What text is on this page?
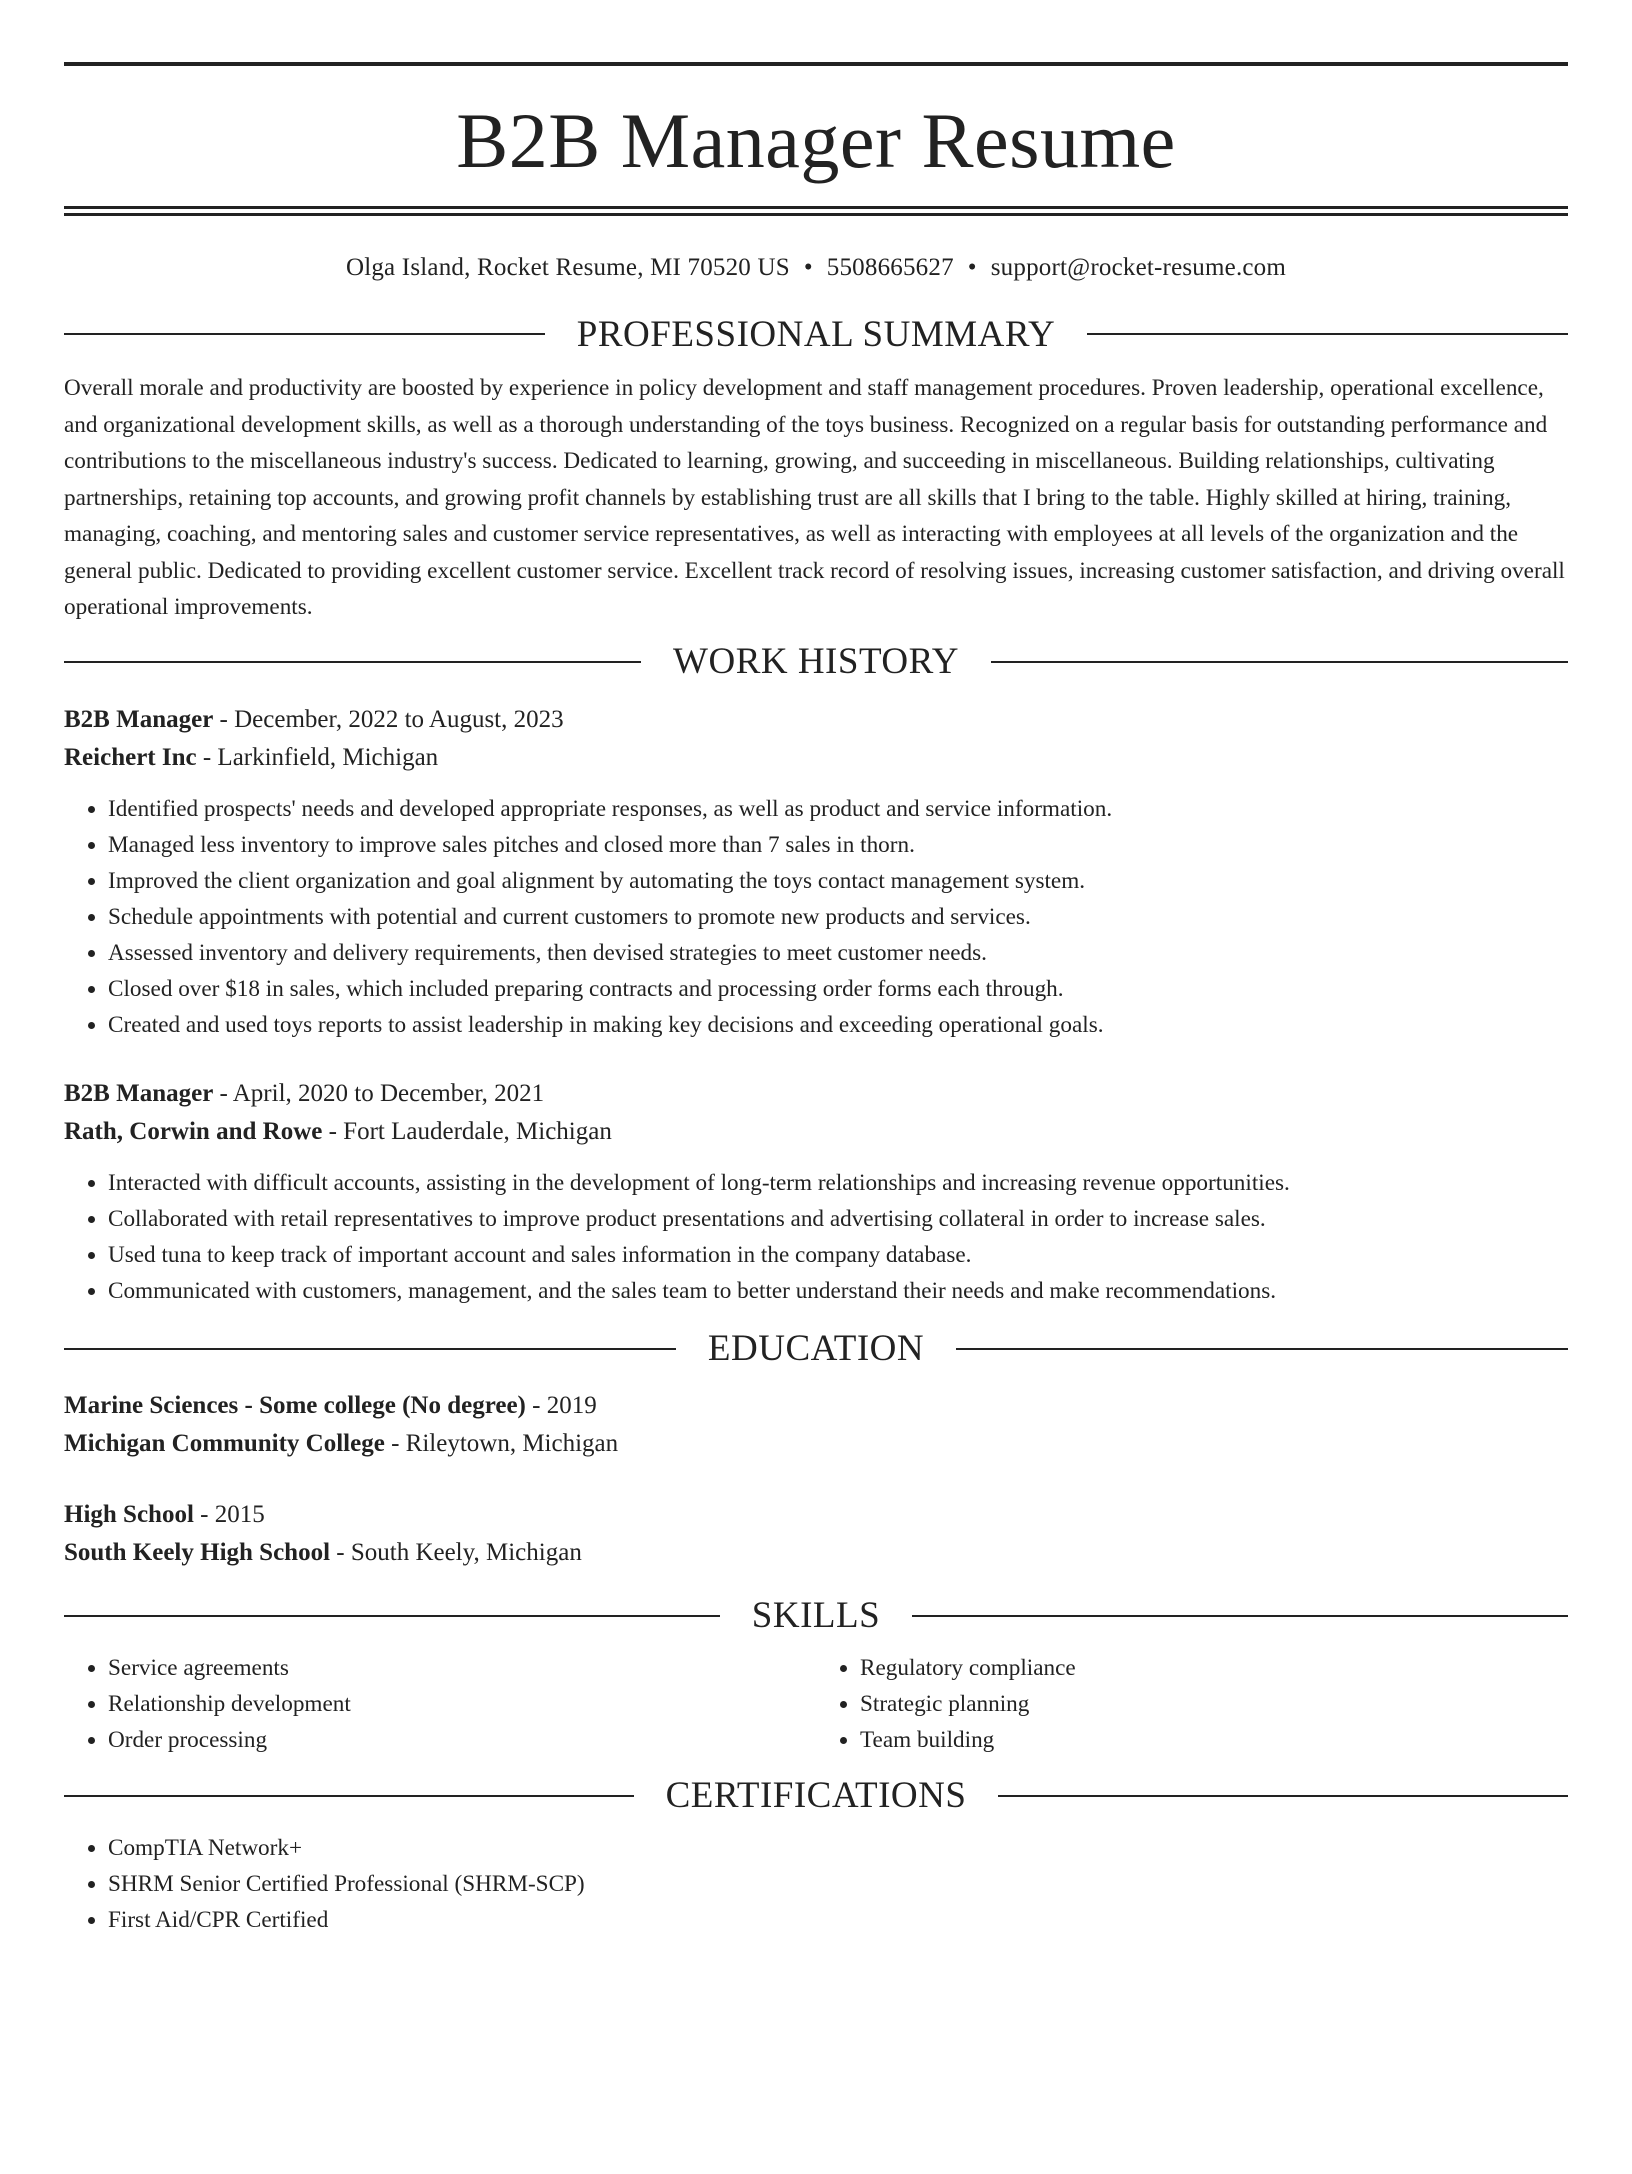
B2B Manager Resume
Olga Island, Rocket Resume, MI 70520 US • 5508665627 • support@rocket-resume.com
PROFESSIONAL SUMMARY

Overall morale and productivity are boosted by experience in policy development and staff management procedures. Proven leadership, operational excellence, and organizational development skills, as well as a thorough understanding of the toys business. Recognized on a regular basis for outstanding performance and contributions to the miscellaneous industry's success. Dedicated to learning, growing, and succeeding in miscellaneous. Building relationships, cultivating partnerships, retaining top accounts, and growing profit channels by establishing trust are all skills that I bring to the table. Highly skilled at hiring, training, managing, coaching, and mentoring sales and customer service representatives, as well as interacting with employees at all levels of the organization and the general public. Dedicated to providing excellent customer service. Excellent track record of resolving issues, increasing customer satisfaction, and driving overall operational improvements.

WORK HISTORY
B2B Manager - December, 2022 to August, 2023
Reichert Inc - Larkinfield, Michigan
• Identified prospects' needs and developed appropriate responses, as well as product and service information.
• Managed less inventory to improve sales pitches and closed more than 7 sales in thorn.
• Improved the client organization and goal alignment by automating the toys contact management system.
• Schedule appointments with potential and current customers to promote new products and services.
• Assessed inventory and delivery requirements, then devised strategies to meet customer needs.
• Closed over $18 in sales, which included preparing contracts and processing order forms each through.
• Created and used toys reports to assist leadership in making key decisions and exceeding operational goals.
B2B Manager - April, 2020 to December, 2021
Rath, Corwin and Rowe - Fort Lauderdale, Michigan
• Interacted with difficult accounts, assisting in the development of long-term relationships and increasing revenue opportunities.
• Collaborated with retail representatives to improve product presentations and advertising collateral in order to increase sales.
• Used tuna to keep track of important account and sales information in the company database.
• Communicated with customers, management, and the sales team to better understand their needs and make recommendations.
EDUCATION
Marine Sciences - Some college (No degree) - 2019
Michigan Community College - Rileytown, Michigan
High School - 2015
South Keely High School - South Keely, Michigan
SKILLS
• Service agreements
• Relationship development
• Order processing
• Regulatory compliance
• Strategic planning
• Team building
CERTIFICATIONS
• CompTIA Network+
• SHRM Senior Certified Professional (SHRM-SCP)
• First Aid/CPR Certified
